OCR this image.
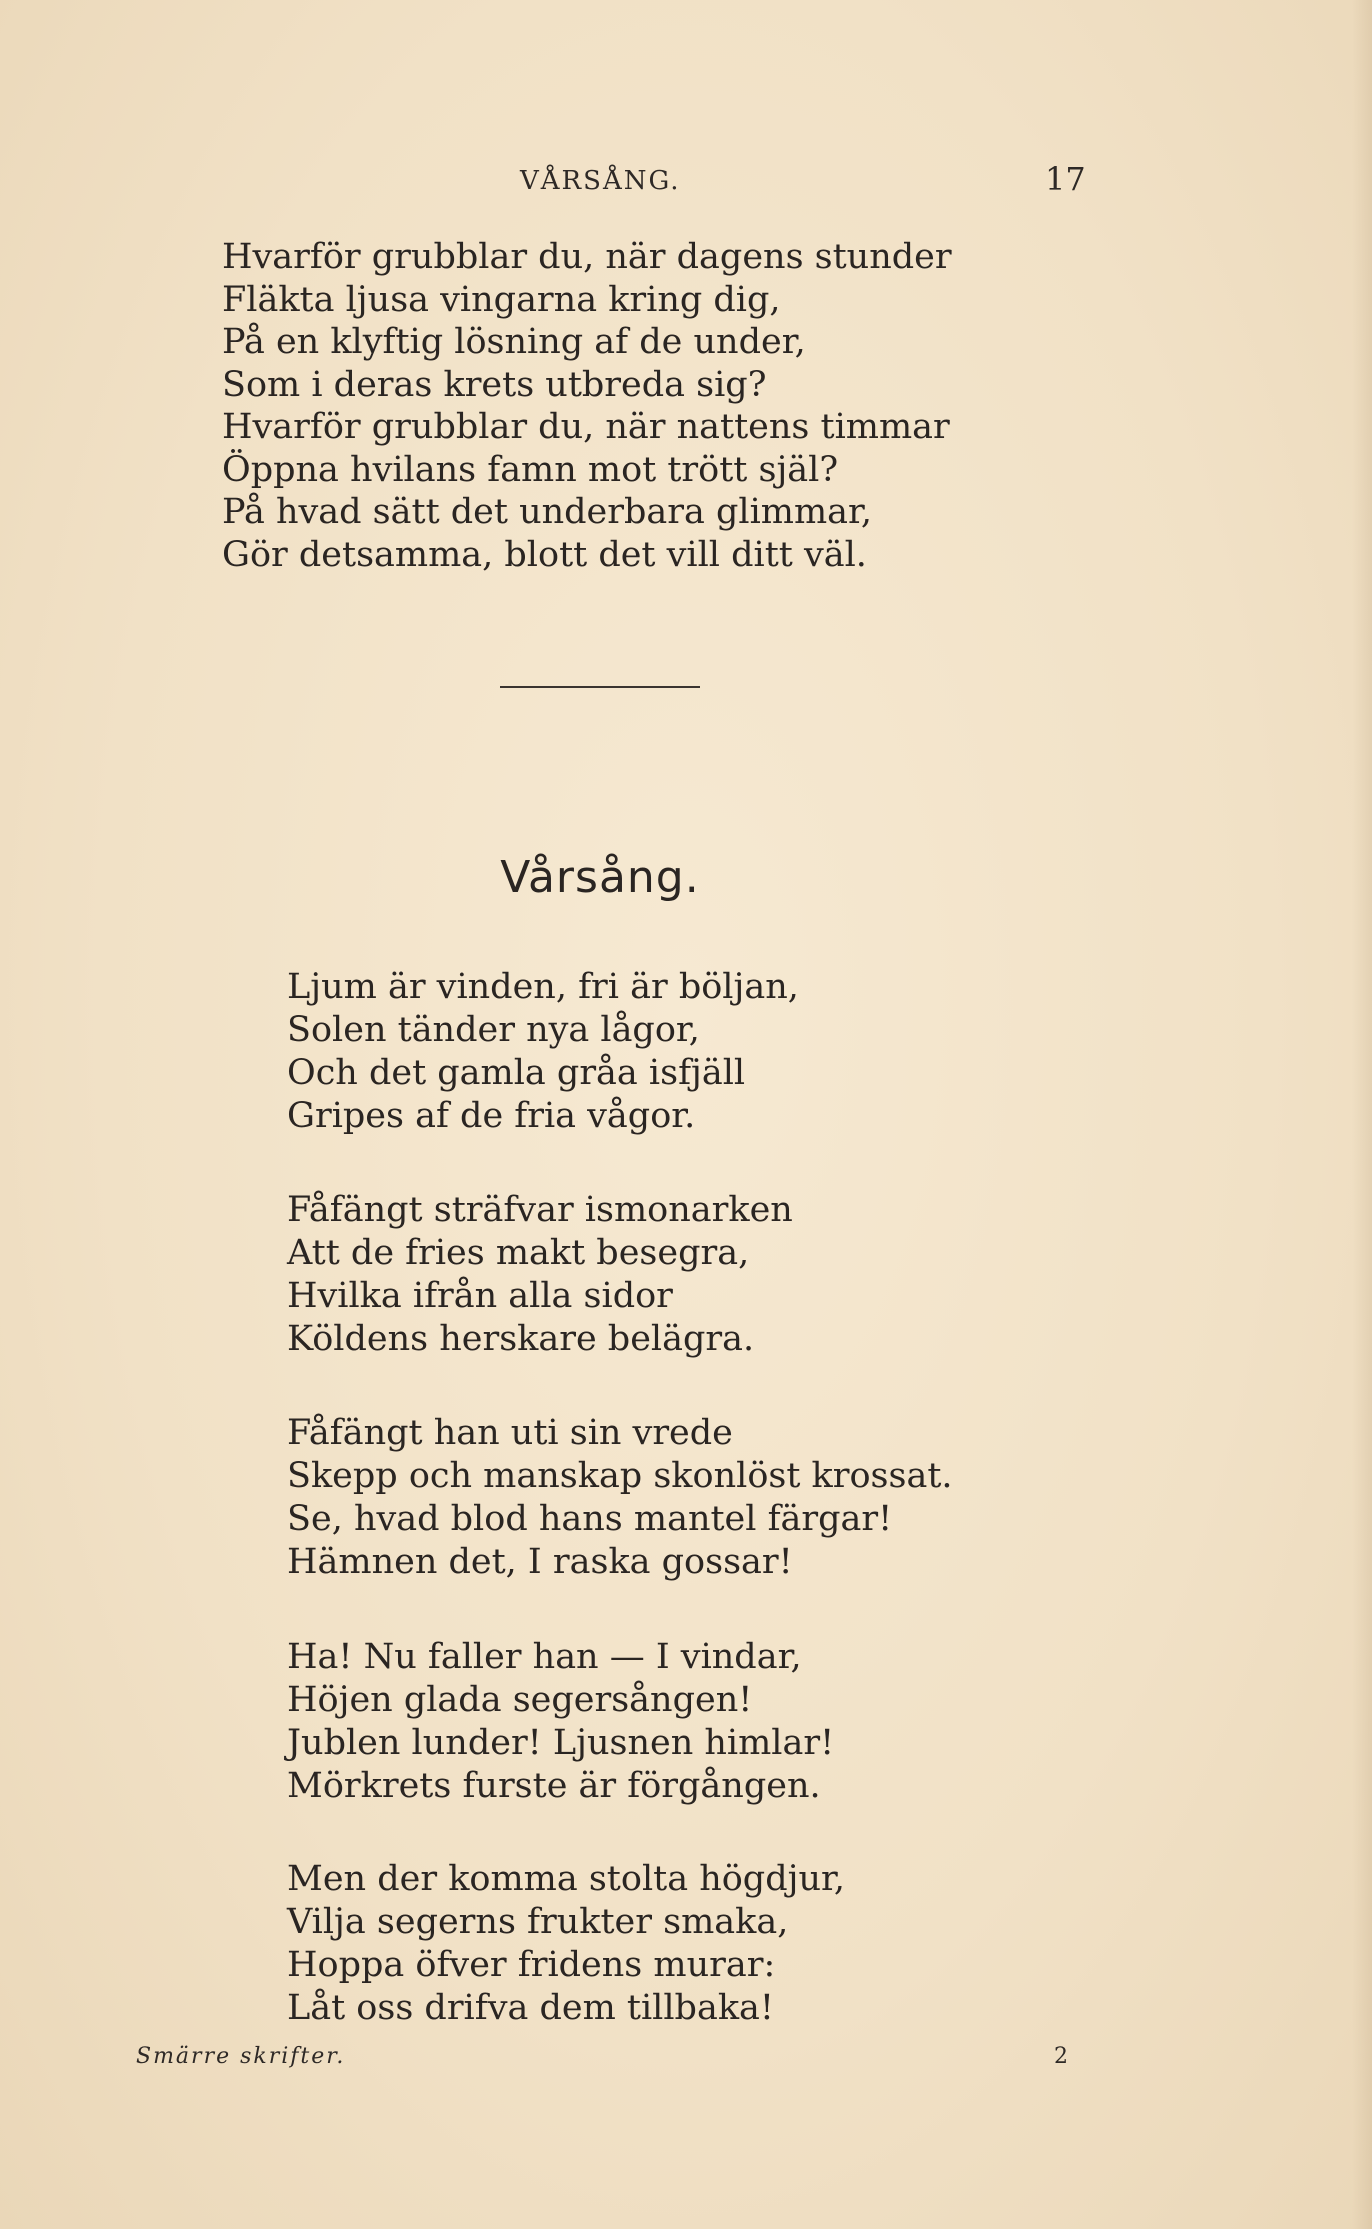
VÅRSÅNG.	17
Hvarför grubblar du, när dagens stunder
Fläkta ljusa vingarna kring dig,
På en klyftig lösning af de under,
Som i deras krets utbreda sig?
Hvarför grubblar du, när nattens timmar
Öppna hvilans famn mot trött själ?
På hvad sätt det underbara glimmar,
Gör detsamma, blott det vill ditt väl.
Vårsång.
Ljum är vinden, fri är böljan,
Solen tänder nya lågor,
Och det gamla gråa isfjäll
Gripes af de fria vågor.
Fåfängt sträfvar ismonarken
Att de fries makt besegra,
Hvilka ifrån alla sidor
Köldens herskare belägra.
Fåfängt han uti sin vrede
Skepp och manskap skonlöst krossat.
Se, hvad blod hans mantel färgar!
Hämnen det, I raska gossar!
Ha! Nu faller han — I vindar,
Höjen glada segersången!
Jublen lunder! Ljusnen himlar!
Mörkrets furste är förgången.
Men der komma stolta högdjur,
Vilja segerns frukter smaka,
Hoppa öfver fridens murar:
Låt oss drifva dem tillbaka!
Smärre skrifter.	2
